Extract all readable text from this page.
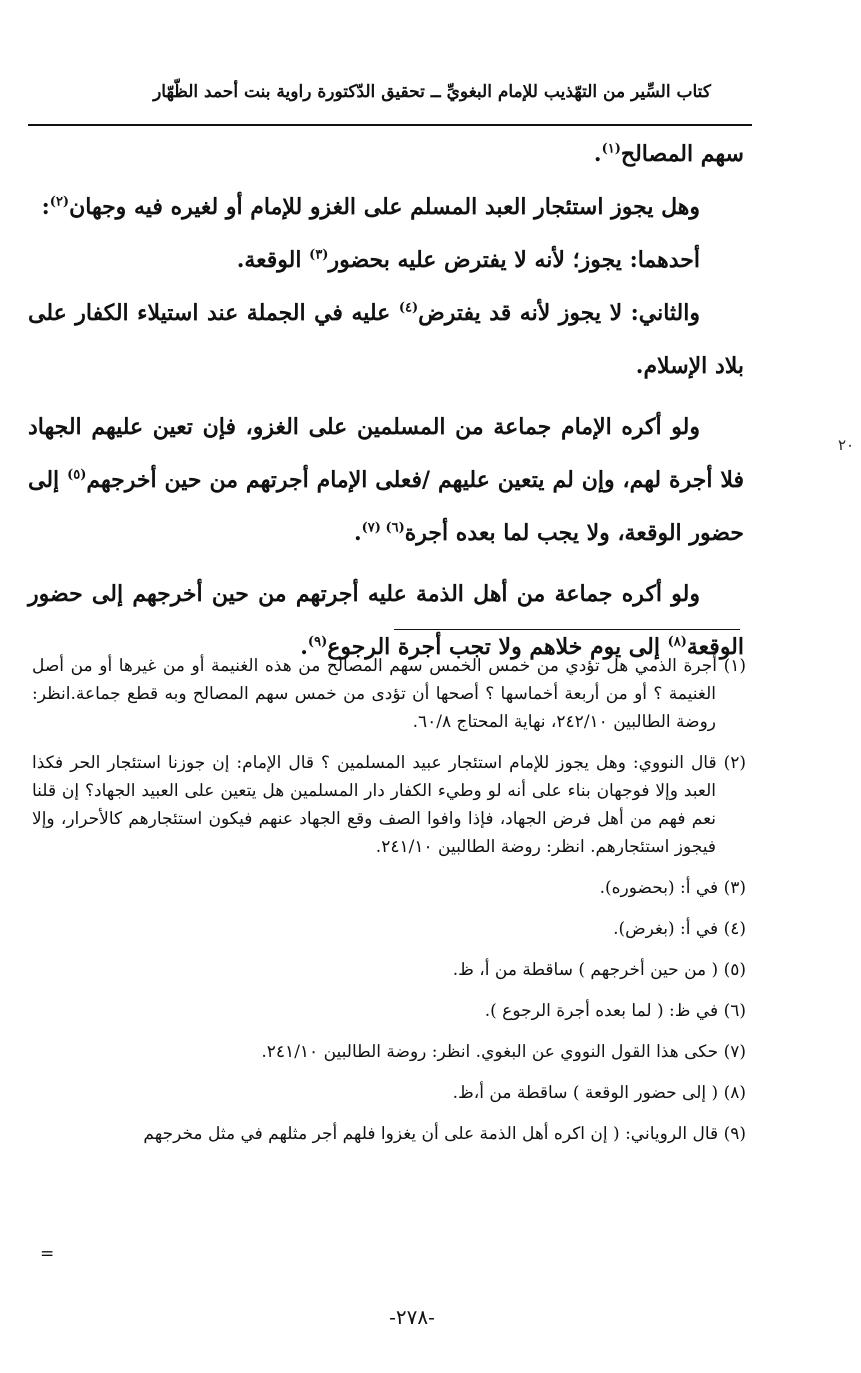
كتاب السِّير من التهّذيب للإمام البغويِّ ــ تحقيق الدّكتورة راوية بنت أحمد الظّهّار
٢٠

سهم المصالح$^{(١)}$.

وهل يجوز استئجار العبد المسلم على الغزو للإمام أو لغيره فيه وجهان$^{(٢)}$:

أحدهما: يجوز؛ لأنه لا يفترض عليه بحضور$^{(٣)}$ الوقعة.

والثاني: لا يجوز لأنه قد يفترض$^{(٤)}$ عليه في الجملة عند استيلاء الكفار على بلاد الإسلام.

ولو أكره الإمام جماعة من المسلمين على الغزو، فإن تعين عليهم الجهاد فلا أجرة لهم، وإن لم يتعين عليهم /فعلى الإمام أجرتهم من حين أخرجهم$^{(٥)}$ إلى حضور الوقعة، ولا يجب لما بعده أجرة$^{(٦)}$ $^{(٧)}$.

ولو أكره جماعة من أهل الذمة عليه أجرتهم من حين أخرجهم إلى حضور الوقعة$^{(٨)}$ إلى يوم خلاهم ولا تجب أجرة الرجوع$^{(٩)}$.

(١) أجرة الذمي هل تؤدي من خمس الخمس سهم المصالح من هذه الغنيمة أو من غيرها أو من أصل الغنيمة ؟ أو من أربعة أخماسها ؟ أصحها أن تؤدى من خمس سهم المصالح وبه قطع جماعة.انظر: روضة الطالبين ٢٤٢/١٠، نهاية المحتاج ٦٠/٨.

(٢) قال النووي: وهل يجوز للإمام استئجار عبيد المسلمين ؟ قال الإمام: إن جوزنا استئجار الحر فكذا العبد وإلا فوجهان بناء على أنه لو وطيء الكفار دار المسلمين هل يتعين على العبيد الجهاد؟ إن قلنا نعم فهم من أهل فرض الجهاد، فإذا وافوا الصف وقع الجهاد عنهم فيكون استئجارهم كالأحرار، وإلا فيجوز استئجارهم. انظر: روضة الطالبين ٢٤١/١٠.

(٣) في أ: (بحضوره).

(٤) في أ: (بغرض).

(٥) ( من حين أخرجهم ) ساقطة من أ، ظ.

(٦) في ظ: ( لما بعده أجرة الرجوع ).

(٧) حكى هذا القول النووي عن البغوي. انظر: روضة الطالبين ٢٤١/١٠.

(٨) ( إلى حضور الوقعة ) ساقطة من أ،ظ.

(٩) قال الروياني: ( إن اكره أهل الذمة على أن يغزوا فلهم أجر مثلهم في مثل مخرجهم

=
-٢٧٨-
